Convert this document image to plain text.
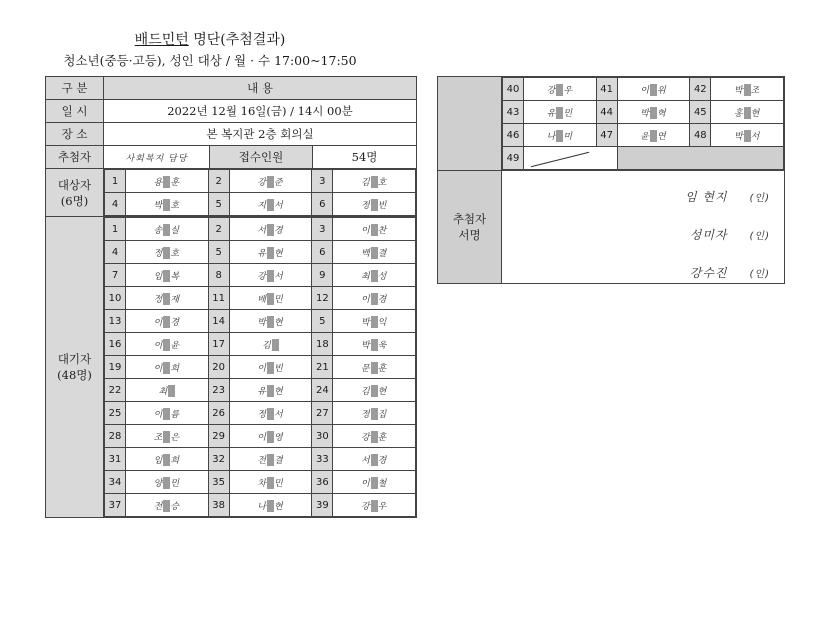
배드민턴 명단(추첨결과)
청소년(중등·고등), 성인 대상 / 월 · 수 17:00~17:50
구 분	내 용
일 시	2022년 12월 16일(금) / 14시 00분
장 소	본 복지관 2층 회의실
추첨자	사회복지 담당	접수인원	54명

대상자
(6명)

1	용 훈	2	강 준	3	김 호
4	박 호	5	지 서	6	정 빈

대기자
(48명)

1	송 실	2	서 경	3	이 찬
4	정 호	5	유 현	6	백 결
7	임 복	8	강 서	9	최 성
10	정 재	11	배 민	12	이 경
13	이 경	14	박 현	5	박 익
16	이 윤	17	김	18	박 욱
19	이 희	20	이 빈	21	문 훈
22	최	23	유 현	24	김 현
25	이 름	26	정 서	27	정 집
28	조 은	29	이 영	30	강 훈
31	임 희	32	전 결	33	서 경
34	양 민	35	차 민	36	이 철
37	전 승	38	나 현	39	강 우

40	강 우	41	이 위	42	박 조
43	유 민	44	박 혁	45	홍 현
46	나 미	47	윤 연	48	박 서
49	

추첨자
서명

임 현지 (인)
성미자 (인)
강수진 (인)
